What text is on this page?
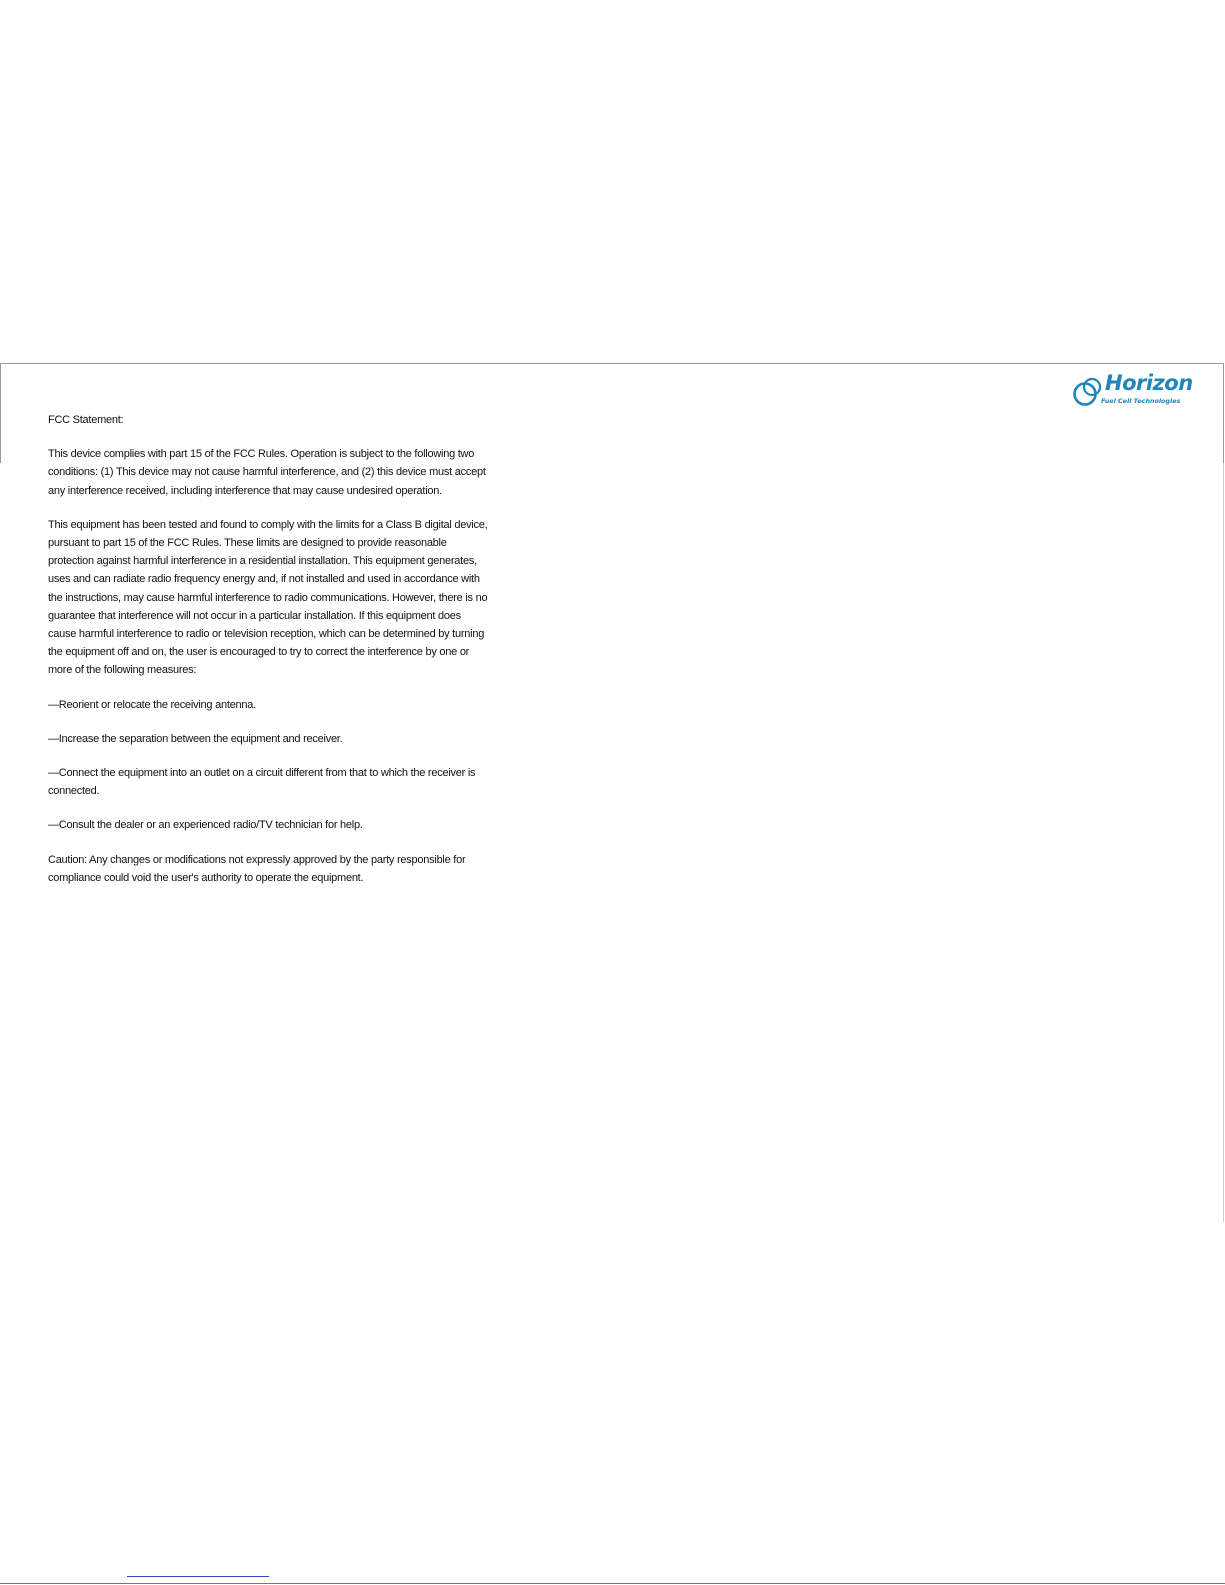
Horizon
Fuel Cell Technologies

FCC Statement:

This device complies with part 15 of the FCC Rules. Operation is subject to the following two conditions: (1) This device may not cause harmful interference, and (2) this device must accept any interference received, including interference that may cause undesired operation.

This equipment has been tested and found to comply with the limits for a Class B digital device, pursuant to part 15 of the FCC Rules. These limits are designed to provide reasonable protection against harmful interference in a residential installation. This equipment generates, uses and can radiate radio frequency energy and, if not installed and used in accordance with the instructions, may cause harmful interference to radio communications. However, there is no guarantee that interference will not occur in a particular installation. If this equipment does cause harmful interference to radio or television reception, which can be determined by turning the equipment off and on, the user is encouraged to try to correct the interference by one or more of the following measures:

—Reorient or relocate the receiving antenna.

—Increase the separation between the equipment and receiver.

—Connect the equipment into an outlet on a circuit different from that to which the receiver is connected.

—Consult the dealer or an experienced radio/TV technician for help.

Caution: Any changes or modifications not expressly approved by the party responsible for compliance could void the user's authority to operate the equipment.
